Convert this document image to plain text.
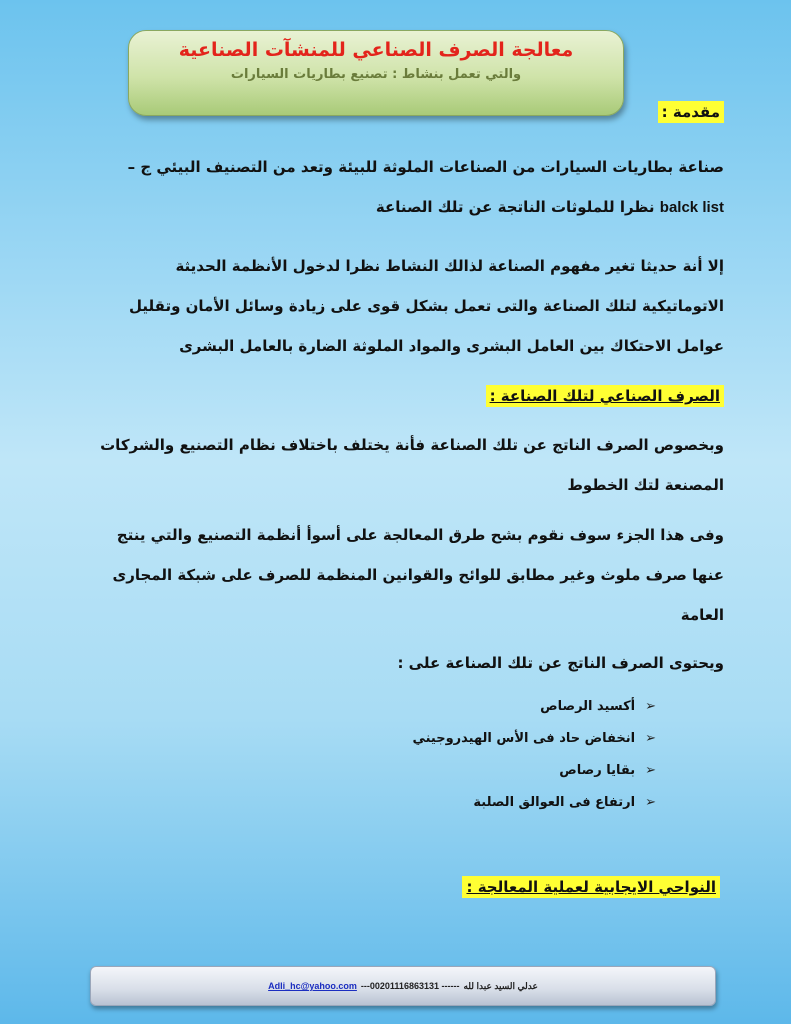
معالجة الصرف الصناعي للمنشآت الصناعية
والتي تعمل بنشاط : تصنيع بطاريات السيارات
مقدمة :

صناعة بطاريات السيارات من الصناعات الملوثة للبيئة وتعد من التصنيف البيئي ج – balck list نظرا للملوثات الناتجة عن تلك الصناعة

إلا أنة حديثا تغير مفهوم الصناعة لذالك النشاط نظرا لدخول الأنظمة الحديثة الاتوماتيكية لتلك الصناعة والتى تعمل بشكل قوى على زيادة وسائل الأمان وتقليل عوامل الاحتكاك بين العامل البشرى والمواد الملوثة الضارة بالعامل البشرى

الصرف الصناعي لتلك الصناعة :

وبخصوص الصرف الناتج عن تلك الصناعة فأنة يختلف باختلاف نظام التصنيع والشركات المصنعة لتك الخطوط

وفى هذا الجزء سوف نقوم بشح طرق المعالجة على أسوأ أنظمة التصنيع والتي ينتج عنها صرف ملوث وغير مطابق للوائح والقوانين المنظمة للصرف على شبكة المجارى العامة

ويحتوى الصرف الناتج عن تلك الصناعة على :

➢أكسيد الرصاص
➢انخفاض حاد فى الأس الهيدروجيني
➢بقايا رصاص
➢ارتفاع فى العوالق الصلبة
النواحي الايجابية لعملية المعالجة :
Adli_hc@yahoo.com ---00201116863131 ------ عدلي السيد عبدا لله
